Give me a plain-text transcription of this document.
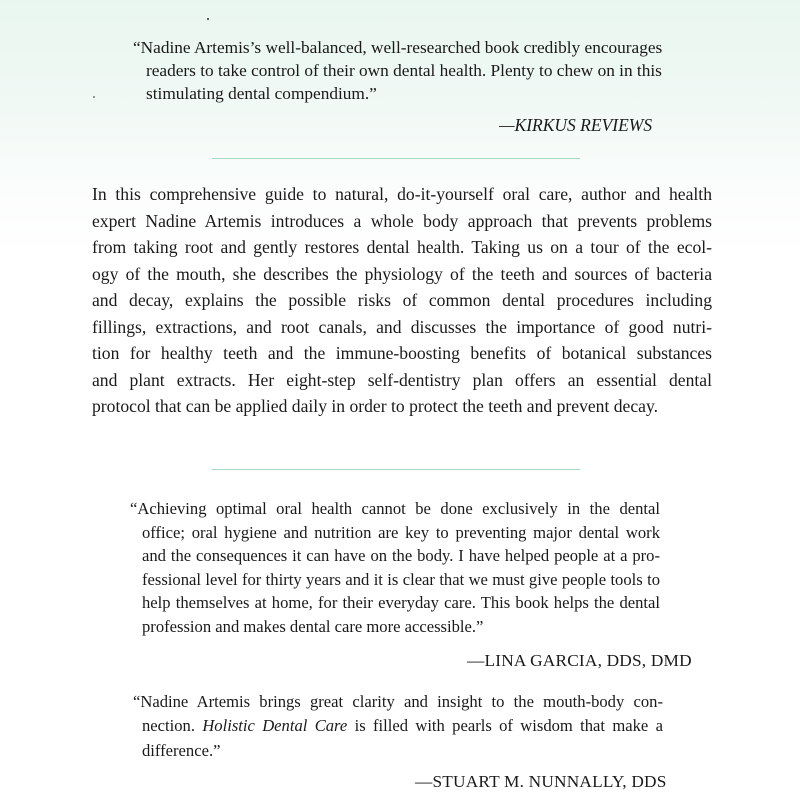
“Nadine Artemis’s well-balanced, well-researched book credibly encourages
readers to take control of their own dental health. Plenty to chew on in this
stimulating dental compendium.”
—KIRKUS REVIEWS
In this comprehensive guide to natural, do-it-yourself oral care, author and health
expert Nadine Artemis introduces a whole body approach that prevents problems
from taking root and gently restores dental health. Taking us on a tour of the ecol-
ogy of the mouth, she describes the physiology of the teeth and sources of bacteria
and decay, explains the possible risks of common dental procedures including
fillings, extractions, and root canals, and discusses the importance of good nutri-
tion for healthy teeth and the immune-boosting benefits of botanical substances
and plant extracts. Her eight-step self-dentistry plan offers an essential dental
protocol that can be applied daily in order to protect the teeth and prevent decay.
“Achieving optimal oral health cannot be done exclusively in the dental
office; oral hygiene and nutrition are key to preventing major dental work
and the consequences it can have on the body. I have helped people at a pro-
fessional level for thirty years and it is clear that we must give people tools to
help themselves at home, for their everyday care. This book helps the dental
profession and makes dental care more accessible.”
—LINA GARCIA, DDS, DMD
“Nadine Artemis brings great clarity and insight to the mouth-body con-
nection. Holistic Dental Care is filled with pearls of wisdom that make a
difference.”
—STUART M. NUNNALLY, DDS
